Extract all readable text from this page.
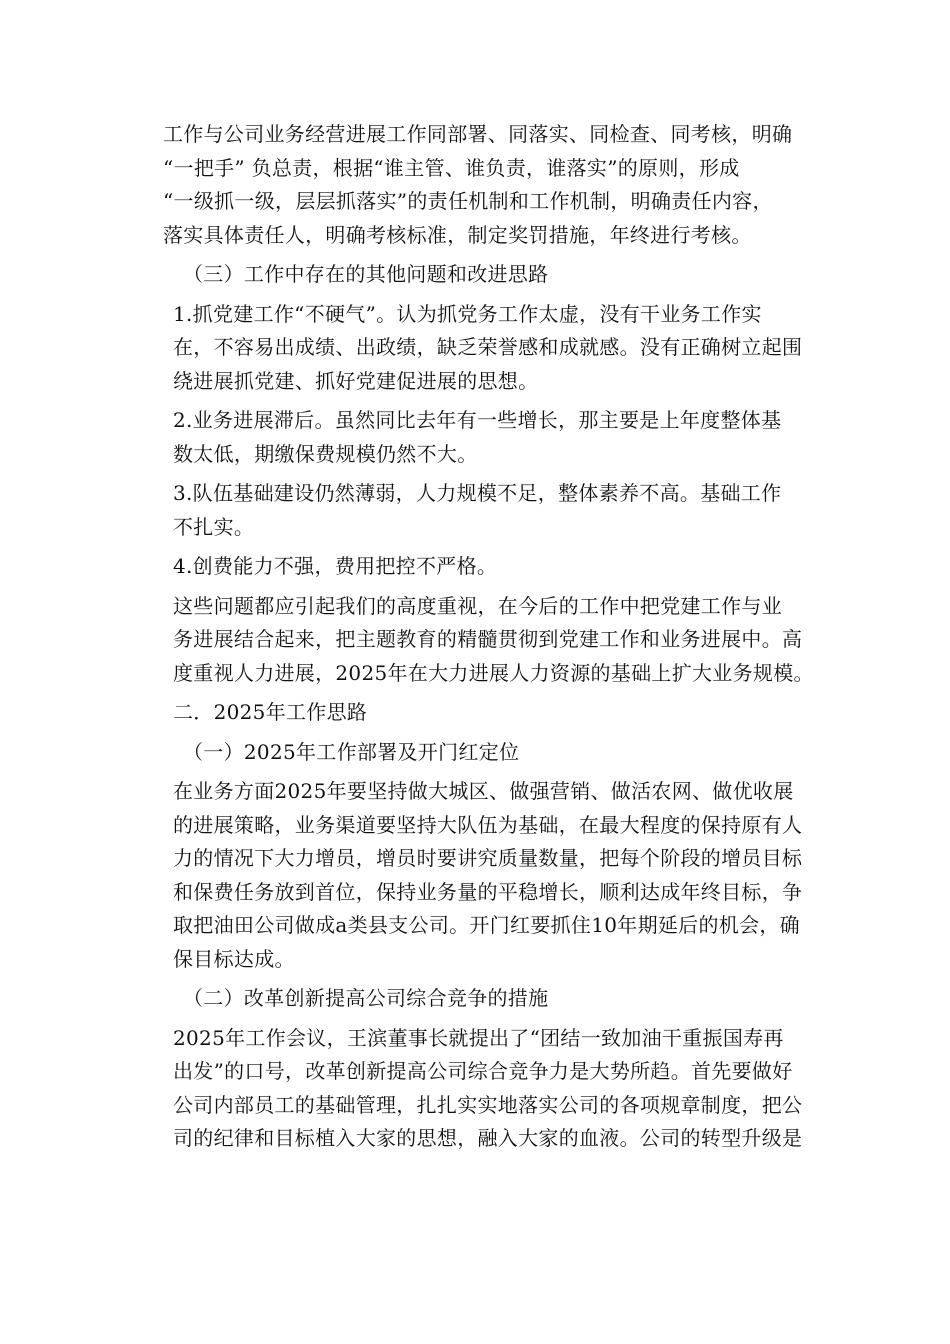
工作与公司业务经营进展工作同部署、同落实、同检查、同考核，明确
“一把手” 负总责，根据“谁主管、谁负责，谁落实”的原则，形成
“一级抓一级，层层抓落实”的责任机制和工作机制，明确责任内容，
落实具体责任人，明确考核标准，制定奖罚措施，年终进行考核。
（三）工作中存在的其他问题和改进思路
1.抓党建工作“不硬气”。认为抓党务工作太虚，没有干业务工作实
在，不容易出成绩、出政绩，缺乏荣誉感和成就感。没有正确树立起围
绕进展抓党建、抓好党建促进展的思想。
2.业务进展滞后。虽然同比去年有一些增长，那主要是上年度整体基
数太低，期缴保费规模仍然不大。
3.队伍基础建设仍然薄弱，人力规模不足，整体素养不高。基础工作
不扎实。
4.创费能力不强，费用把控不严格。
这些问题都应引起我们的高度重视，在今后的工作中把党建工作与业
务进展结合起来，把主题教育的精髓贯彻到党建工作和业务进展中。高
度重视人力进展，2025年在大力进展人力资源的基础上扩大业务规模。
二．2025年工作思路
（一）2025年工作部署及开门红定位
在业务方面2025年要坚持做大城区、做强营销、做活农网、做优收展
的进展策略，业务渠道要坚持大队伍为基础，在最大程度的保持原有人
力的情况下大力增员，增员时要讲究质量数量，把每个阶段的增员目标
和保费任务放到首位，保持业务量的平稳增长，顺利达成年终目标，争
取把油田公司做成a类县支公司。开门红要抓住10年期延后的机会，确
保目标达成。
（二）改革创新提高公司综合竞争的措施
2025年工作会议，王滨董事长就提出了“团结一致加油干重振国寿再
出发”的口号，改革创新提高公司综合竞争力是大势所趋。首先要做好
公司内部员工的基础管理，扎扎实实地落实公司的各项规章制度，把公
司的纪律和目标植入大家的思想，融入大家的血液。公司的转型升级是
